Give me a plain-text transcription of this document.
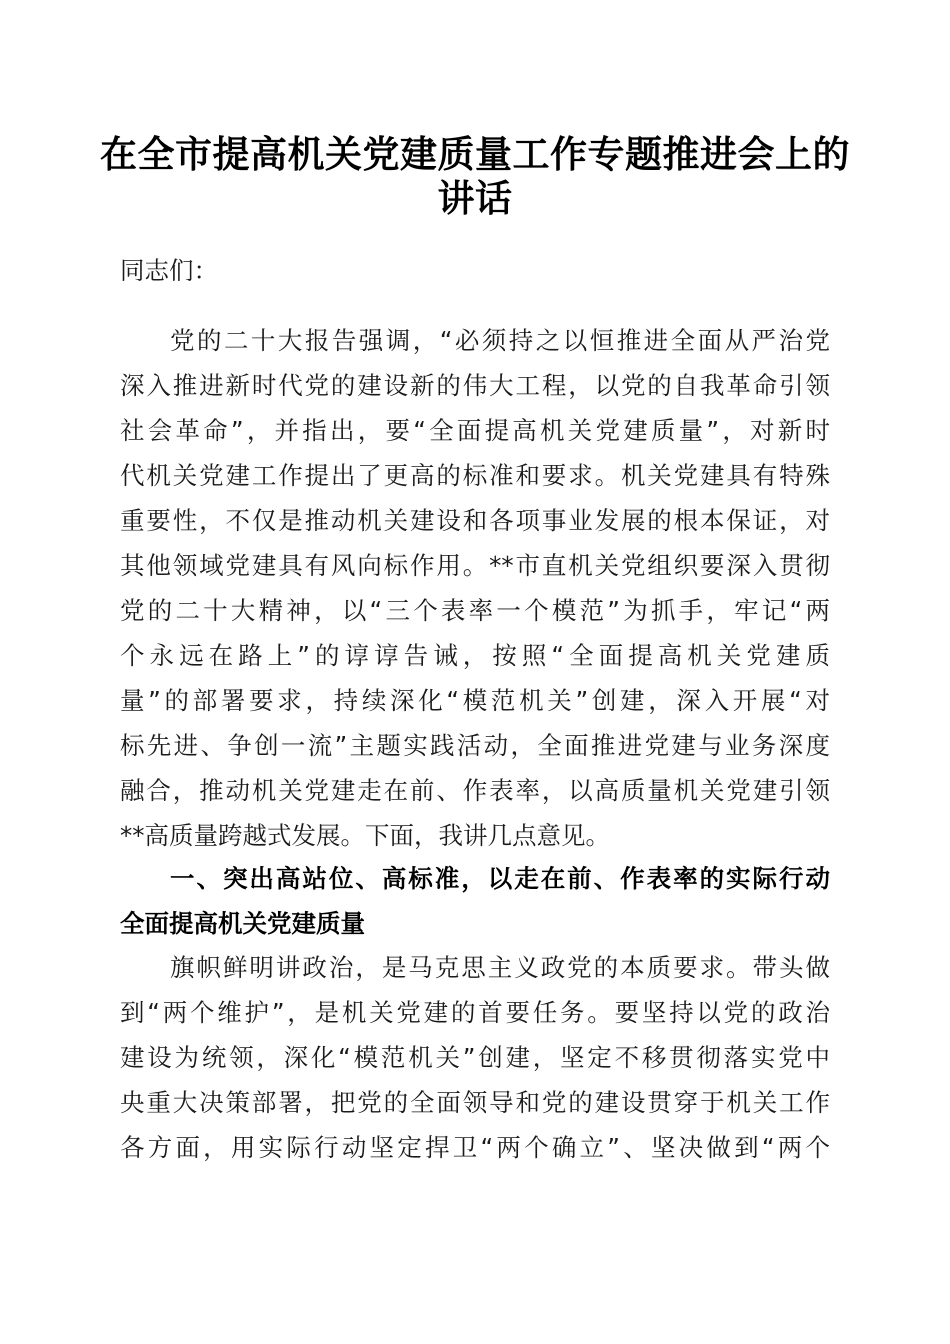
在全市提高机关党建质量工作专题推进会上的
讲话
同志们：
党的二十大报告强调，“必须持之以恒推进全面从严治党
深入推进新时代党的建设新的伟大工程，以党的自我革命引领
社会革命”，并指出，要“全面提高机关党建质量”，对新时
代机关党建工作提出了更高的标准和要求。机关党建具有特殊
重要性，不仅是推动机关建设和各项事业发展的根本保证，对
其他领域党建具有风向标作用。**市直机关党组织要深入贯彻
党的二十大精神，以“三个表率一个模范”为抓手，牢记“两
个永远在路上”的谆谆告诫，按照“全面提高机关党建质
量”的部署要求，持续深化“模范机关”创建，深入开展“对
标先进、争创一流”主题实践活动，全面推进党建与业务深度
融合，推动机关党建走在前、作表率，以高质量机关党建引领
**高质量跨越式发展。下面，我讲几点意见。
一、突出高站位、高标准，以走在前、作表率的实际行动
全面提高机关党建质量
旗帜鲜明讲政治，是马克思主义政党的本质要求。带头做
到“两个维护”，是机关党建的首要任务。要坚持以党的政治
建设为统领，深化“模范机关”创建，坚定不移贯彻落实党中
央重大决策部署，把党的全面领导和党的建设贯穿于机关工作
各方面，用实际行动坚定捍卫“两个确立”、坚决做到“两个
